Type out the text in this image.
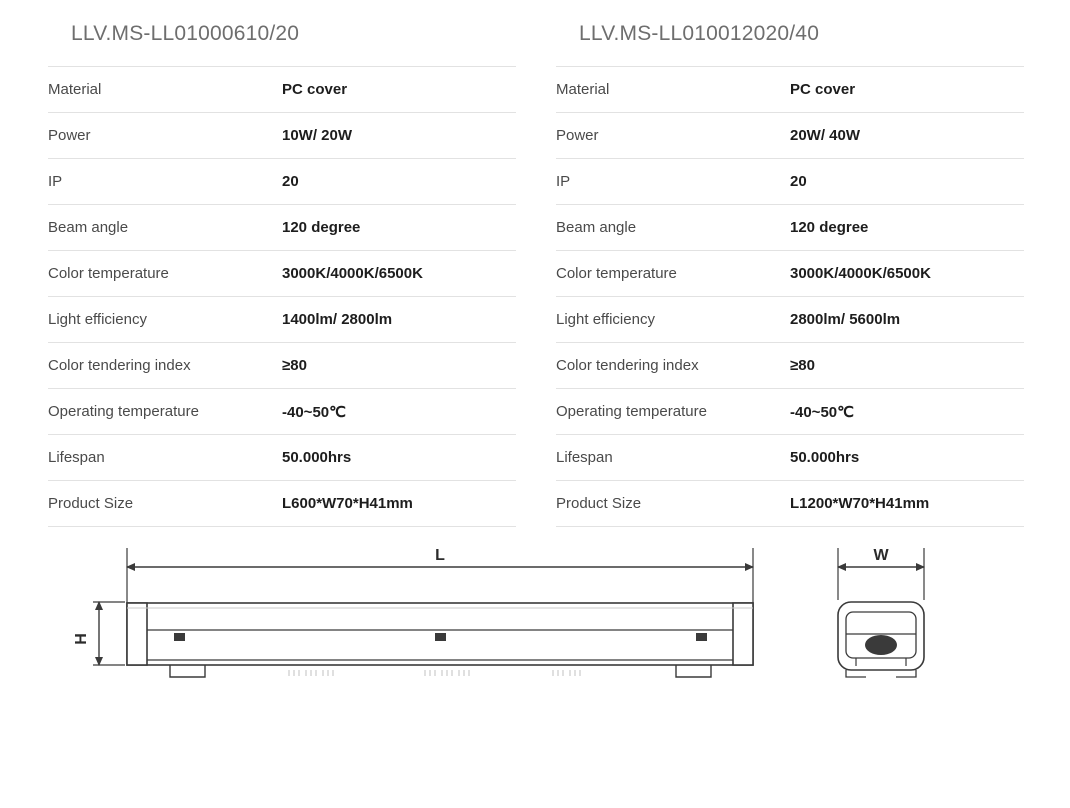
LLV.MS-LL01000610/20
Material	PC cover
Power	10W/ 20W
IP	20
Beam angle	120 degree
Color temperature	3000K/4000K/6500K
Light efficiency	1400lm/ 2800lm
Color tendering index	≥80
Operating temperature	-40~50℃
Lifespan	50.000hrs
Product Size	L600*W70*H41mm
LLV.MS-LL010012020/40
Material	PC cover
Power	20W/ 40W
IP	20
Beam angle	120 degree
Color temperature	3000K/4000K/6500K
Light efficiency	2800lm/ 5600lm
Color tendering index	≥80
Operating temperature	-40~50℃
Lifespan	50.000hrs
Product Size	L1200*W70*H41mm
L
H
W
